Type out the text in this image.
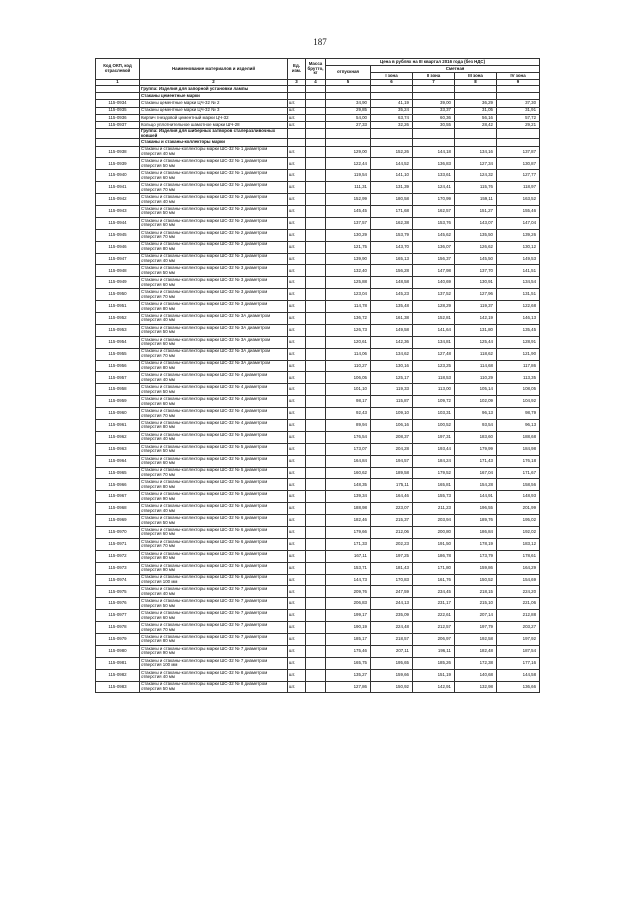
187
Код ОКП, код отраслевой	Наименование материалов и изделий	Ед. изм.	Масса брутто, кг	Цена в рублях на III квартал 2016 года (без НДС)				
				отпускная	Сметная			
					I зона	II зона	III зона	IV зона
1	2	3	4	5	6	7	8	9
	Группа: Изделия для запорной установки лампы							
	Стаканы цементные марки							
115-0934	Стаканы цементные марки ЦЧ-32 № 2	шт.		34,90	41,19	39,00	36,29	37,30
115-0935	Стаканы цементные марки ЦЧ-32 № 3	шт.		29,85	35,24	33,37	31,05	31,91
115-0936	Кирпич гнездовой цементный марки ЦЧ-32	шт.		54,00	63,74	60,36	56,16	57,72
115-0937	Кольцо уплотнительное шамотное марки ШЧ-28	шт.		27,33	32,26	30,55	28,42	29,21
	Группа: Изделия для шиберных затворов сталеразливочных ковшей							
	Стаканы и стаканы-коллекторы марки							
115-0938	Стаканы и стаканы-коллекторы марки ШС-32 № 1 диаметром отверстия 40 мм	шт.		129,00	152,26	144,18	134,16	137,87
115-0939	Стаканы и стаканы-коллекторы марки ШС-32 № 1 диаметром отверстия 50 мм	шт.		122,44	144,52	136,83	127,34	130,87
115-0940	Стаканы и стаканы-коллекторы марки ШС-32 № 1 диаметром отверстия 60 мм	шт.		119,54	141,10	133,61	124,32	127,77
115-0941	Стаканы и стаканы-коллекторы марки ШС-32 № 1 диаметром отверстия 70 мм	шт.		111,31	131,39	124,41	115,76	118,97
115-0942	Стаканы и стаканы-коллекторы марки ШС-32 № 2 диаметром отверстия 40 мм	шт.		152,99	180,58	170,99	159,11	163,52
115-0943	Стаканы и стаканы-коллекторы марки ШС-32 № 2 диаметром отверстия 50 мм	шт.		145,45	171,68	162,57	151,27	155,46
115-0944	Стаканы и стаканы-коллекторы марки ШС-32 № 2 диаметром отверстия 60 мм	шт.		137,57	162,38	153,76	143,07	147,04
115-0945	Стаканы и стаканы-коллекторы марки ШС-32 № 2 диаметром отверстия 70 мм	шт.		130,29	153,79	145,62	135,50	139,26
115-0946	Стаканы и стаканы-коллекторы марки ШС-32 № 2 диаметром отверстия 80 мм	шт.		121,75	143,70	136,07	126,62	130,12
115-0947	Стаканы и стаканы-коллекторы марки ШС-32 № 3 диаметром отверстия 40 мм	шт.		139,90	165,13	156,37	145,50	149,53
115-0948	Стаканы и стаканы-коллекторы марки ШС-32 № 3 диаметром отверстия 50 мм	шт.		132,40	156,28	147,98	137,70	141,51
115-0949	Стаканы и стаканы-коллекторы марки ШС-32 № 3 диаметром отверстия 60 мм	шт.		125,88	148,58	140,69	130,91	134,54
115-0950	Стаканы и стаканы-коллекторы марки ШС-32 № 3 диаметром отверстия 70 мм	шт.		123,04	145,23	137,52	127,96	131,51
115-0951	Стаканы и стаканы-коллекторы марки ШС-32 № 3 диаметром отверстия 80 мм	шт.		114,78	135,48	128,29	119,37	122,68
115-0952	Стаканы и стаканы-коллекторы марки ШС-32 № 3А диаметром отверстия 40 мм	шт.		136,72	161,38	152,81	142,19	146,13
115-0953	Стаканы и стаканы-коллекторы марки ШС-32 № 3А диаметром отверстия 50 мм	шт.		126,73	149,58	141,64	131,80	135,45
115-0954	Стаканы и стаканы-коллекторы марки ШС-32 № 3А диаметром отверстия 60 мм	шт.		120,61	142,36	134,81	125,44	128,91
115-0955	Стаканы и стаканы-коллекторы марки ШС-32 № 3А диаметром отверстия 70 мм	шт.		114,06	134,62	127,48	118,62	121,90
115-0956	Стаканы и стаканы-коллекторы марки ШС-32 № 3А диаметром отверстия 80 мм	шт.		110,27	130,16	123,25	114,68	117,86
115-0957	Стаканы и стаканы-коллекторы марки ШС-32 № 4 диаметром отверстия 40 мм	шт.		106,05	125,17	118,53	110,29	113,35
115-0958	Стаканы и стаканы-коллекторы марки ШС-32 № 4 диаметром отверстия 50 мм	шт.		101,10	119,33	113,00	105,14	108,05
115-0959	Стаканы и стаканы-коллекторы марки ШС-32 № 4 диаметром отверстия 60 мм	шт.		98,17	115,87	109,72	102,09	104,92
115-0960	Стаканы и стаканы-коллекторы марки ШС-32 № 4 диаметром отверстия 70 мм	шт.		92,43	109,10	103,31	96,13	98,79
115-0961	Стаканы и стаканы-коллекторы марки ШС-32 № 4 диаметром отверстия 80 мм	шт.		89,94	106,16	100,52	93,54	96,13
115-0962	Стаканы и стаканы-коллекторы марки ШС-32 № 5 диаметром отверстия 40 мм	шт.		176,54	208,37	197,31	183,60	188,68
115-0963	Стаканы и стаканы-коллекторы марки ШС-32 № 5 диаметром отверстия 50 мм	шт.		173,07	204,28	193,44	179,99	184,98
115-0964	Стаканы и стаканы-коллекторы марки ШС-32 № 5 диаметром отверстия 60 мм	шт.		164,84	194,57	184,24	171,43	176,18
115-0965	Стаканы и стаканы-коллекторы марки ШС-32 № 5 диаметром отверстия 70 мм	шт.		160,62	189,58	179,52	167,04	171,67
115-0966	Стаканы и стаканы-коллекторы марки ШС-32 № 5 диаметром отверстия 80 мм	шт.		148,35	175,11	165,81	154,28	158,56
115-0967	Стаканы и стаканы-коллекторы марки ШС-32 № 5 диаметром отверстия 90 мм	шт.		139,34	164,46	155,73	144,91	148,93
115-0968	Стаканы и стаканы-коллекторы марки ШС-32 № 6 диаметром отверстия 40 мм	шт.		188,98	223,07	211,23	196,55	201,99
115-0969	Стаканы и стаканы-коллекторы марки ШС-32 № 6 диаметром отверстия 50 мм	шт.		182,46	215,37	203,94	189,76	195,02
115-0970	Стаканы и стаканы-коллекторы марки ШС-32 № 6 диаметром отверстия 60 мм	шт.		179,66	212,06	200,80	186,84	192,02
115-0971	Стаканы и стаканы-коллекторы марки ШС-32 № 6 диаметром отверстия 70 мм	шт.		171,33	202,23	191,50	178,19	183,12
115-0972	Стаканы и стаканы-коллекторы марки ШС-32 № 6 диаметром отверстия 80 мм	шт.		167,11	197,25	186,78	173,79	178,61
115-0973	Стаканы и стаканы-коллекторы марки ШС-32 № 6 диаметром отверстия 90 мм	шт.		153,71	181,43	171,80	159,86	164,29
115-0974	Стаканы и стаканы-коллекторы марки ШС-32 № 6 диаметром отверстия 100 мм	шт.		144,73	170,83	161,76	150,52	154,69
115-0975	Стаканы и стаканы-коллекторы марки ШС-32 № 7 диаметром отверстия 40 мм	шт.		209,76	247,59	234,45	218,15	224,20
115-0976	Стаканы и стаканы-коллекторы марки ШС-32 № 7 диаметром отверстия 50 мм	шт.		206,83	244,13	231,17	215,10	221,06
115-0977	Стаканы и стаканы-коллекторы марки ШС-32 № 7 диаметром отверстия 60 мм	шт.		199,17	235,09	222,61	207,14	212,88
115-0978	Стаканы и стаканы-коллекторы марки ШС-32 № 7 диаметром отверстия 70 мм	шт.		190,19	224,48	212,57	197,79	203,27
115-0979	Стаканы и стаканы-коллекторы марки ШС-32 № 7 диаметром отверстия 80 мм	шт.		185,17	218,57	206,97	192,58	197,92
115-0980	Стаканы и стаканы-коллекторы марки ШС-32 № 7 диаметром отверстия 90 мм	шт.		175,46	207,11	196,11	182,48	187,54
115-0981	Стаканы и стаканы-коллекторы марки ШС-32 № 7 диаметром отверстия 100 мм	шт.		165,75	195,65	185,26	172,38	177,16
115-0982	Стаканы и стаканы-коллекторы марки ШС-32 № 8 диаметром отверстия 40 мм	шт.		135,27	159,66	151,19	140,68	144,58
115-0983	Стаканы и стаканы-коллекторы марки ШС-32 № 8 диаметром отверстия 50 мм	шт.		127,86	150,92	142,91	132,98	136,66
